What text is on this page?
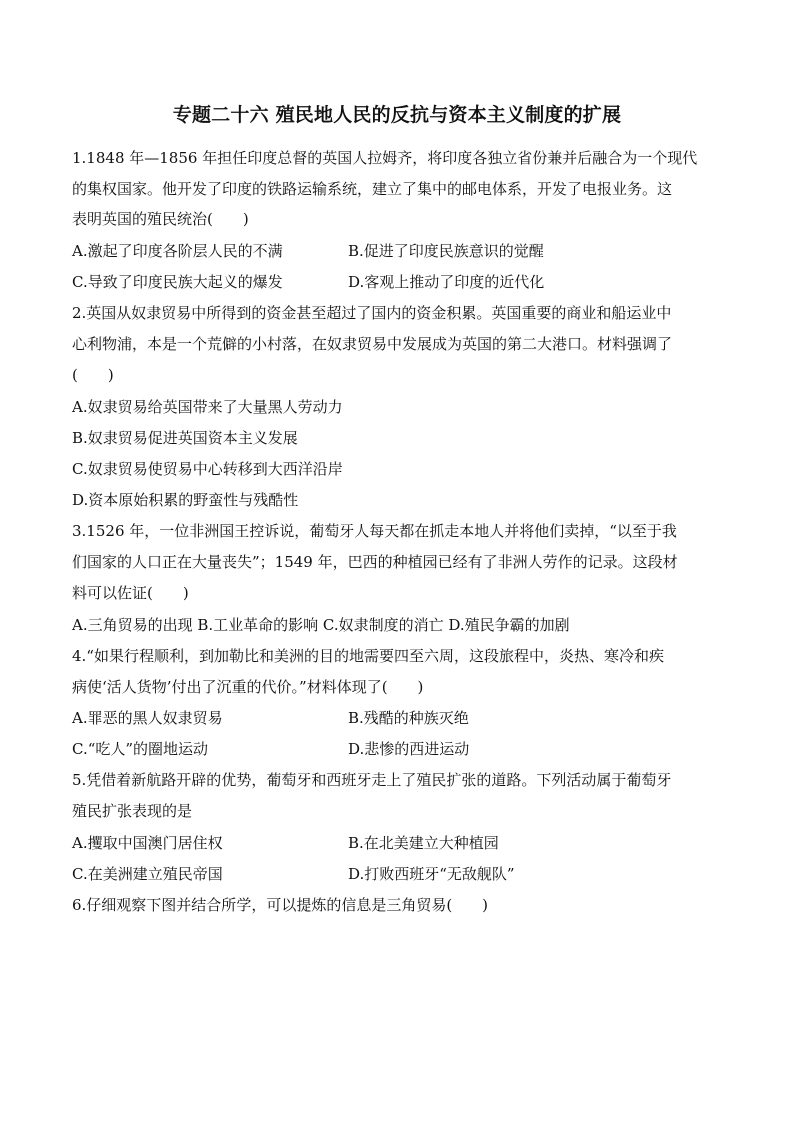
专题二十六 殖民地人民的反抗与资本主义制度的扩展
1.1848 年—1856 年担任印度总督的英国人拉姆齐，将印度各独立省份兼并后融合为一个现代
的集权国家。他开发了印度的铁路运输系统，建立了集中的邮电体系，开发了电报业务。这
表明英国的殖民统治(　　)
A.激起了印度各阶层人民的不满	B.促进了印度民族意识的觉醒
C.导致了印度民族大起义的爆发	D.客观上推动了印度的近代化
2.英国从奴隶贸易中所得到的资金甚至超过了国内的资金积累。英国重要的商业和船运业中
心利物浦，本是一个荒僻的小村落，在奴隶贸易中发展成为英国的第二大港口。材料强调了
(　　)
A.奴隶贸易给英国带来了大量黑人劳动力
B.奴隶贸易促进英国资本主义发展
C.奴隶贸易使贸易中心转移到大西洋沿岸
D.资本原始积累的野蛮性与残酷性
3.1526 年，一位非洲国王控诉说，葡萄牙人每天都在抓走本地人并将他们卖掉，“以至于我
们国家的人口正在大量丧失”；1549 年，巴西的种植园已经有了非洲人劳作的记录。这段材
料可以佐证(　　)
A.三角贸易的出现 B.工业革命的影响 C.奴隶制度的消亡 D.殖民争霸的加剧
4.“如果行程顺利，到加勒比和美洲的目的地需要四至六周，这段旅程中，炎热、寒冷和疾
病使‘活人货物’付出了沉重的代价。”材料体现了(　　)
A.罪恶的黑人奴隶贸易	B.残酷的种族灭绝
C.“吃人”的圈地运动	D.悲惨的西进运动
5.凭借着新航路开辟的优势，葡萄牙和西班牙走上了殖民扩张的道路。下列活动属于葡萄牙
殖民扩张表现的是
A.攫取中国澳门居住权	B.在北美建立大种植园
C.在美洲建立殖民帝国	D.打败西班牙“无敌舰队”
6.仔细观察下图并结合所学，可以提炼的信息是三角贸易(　　)
